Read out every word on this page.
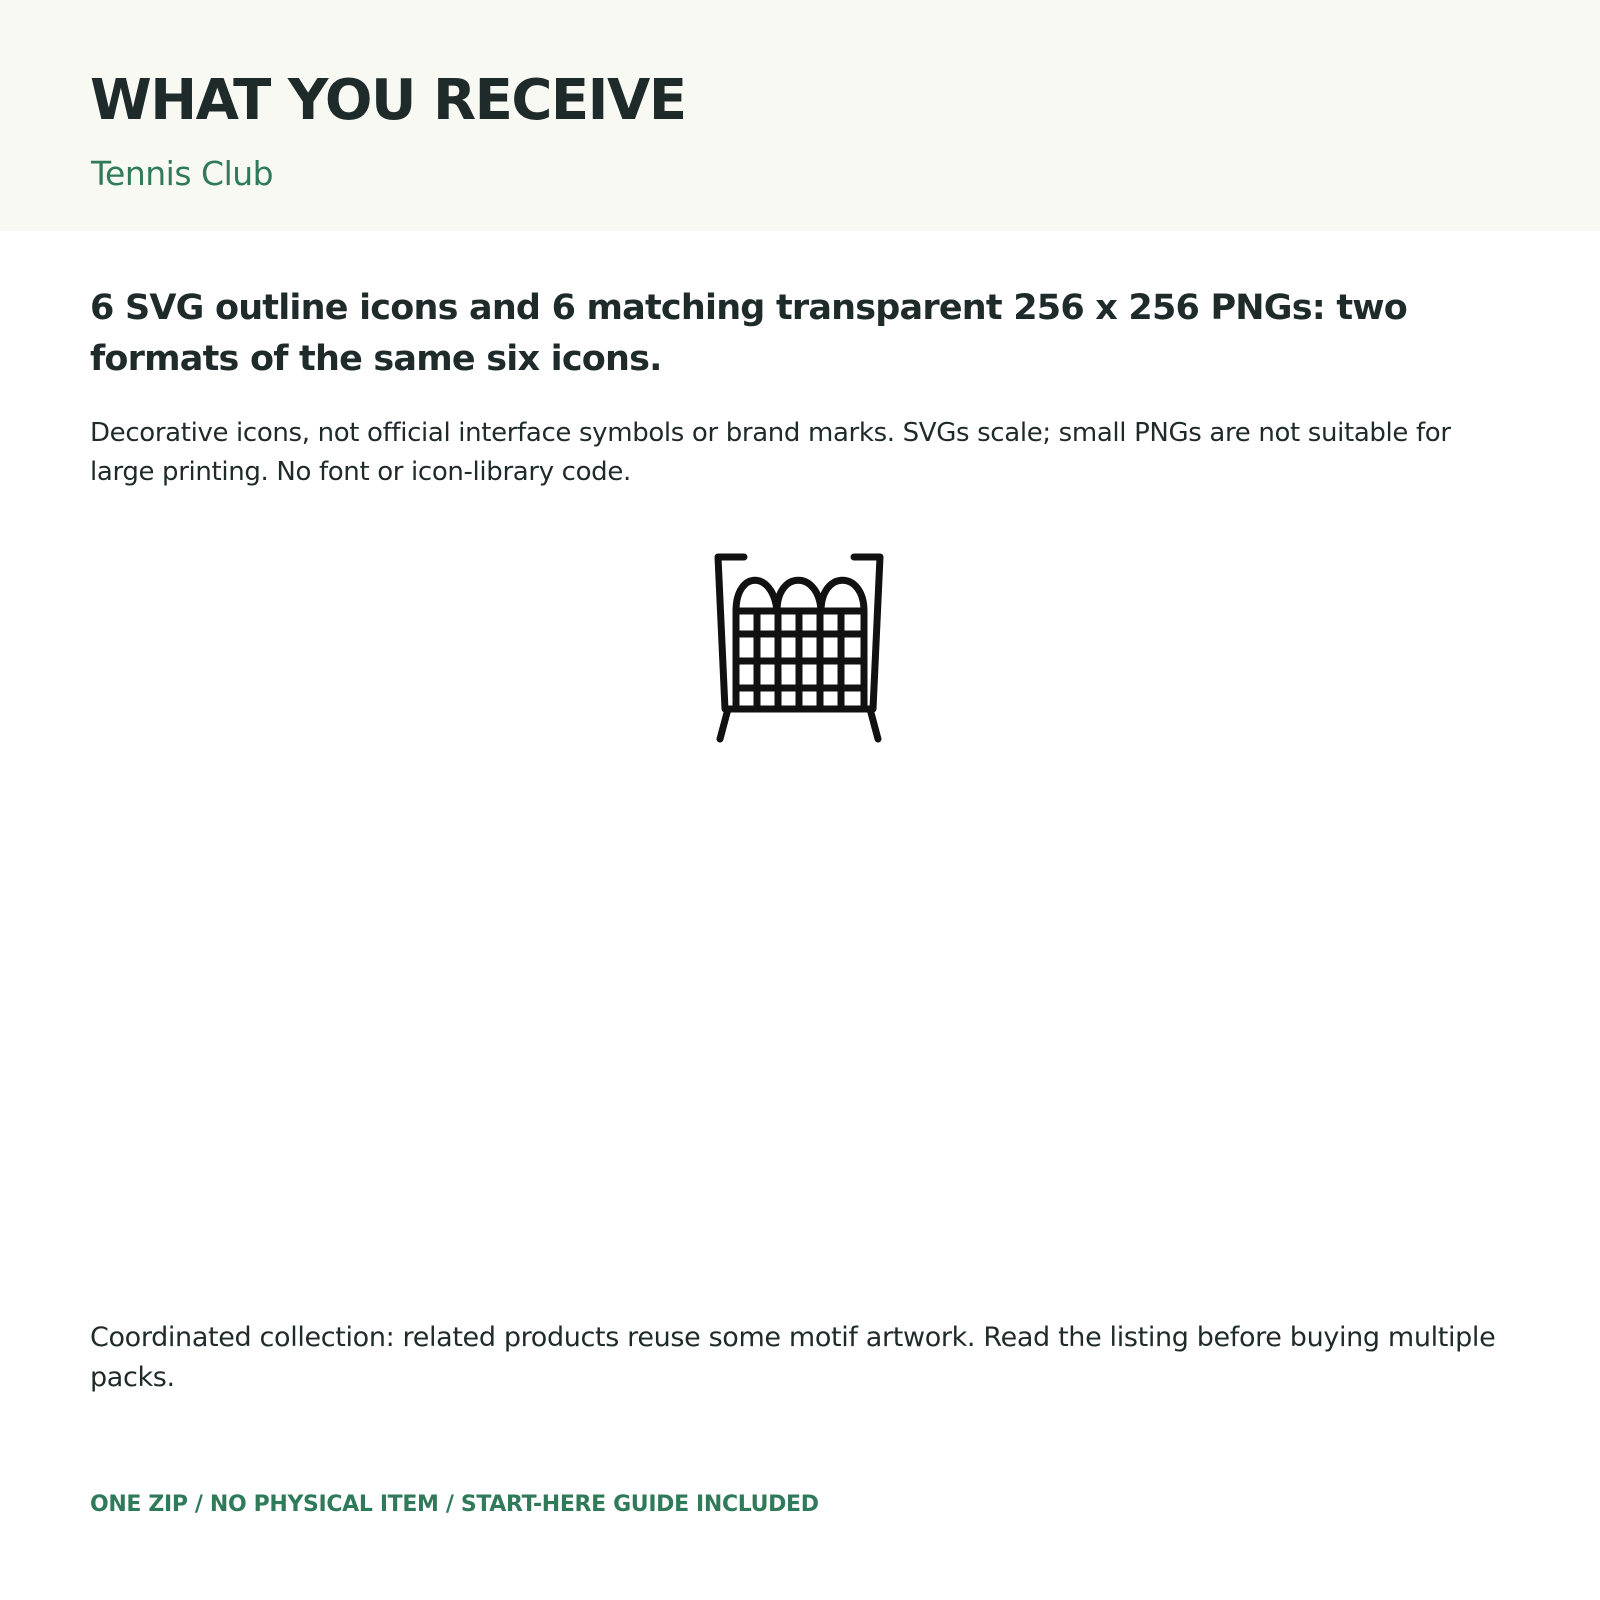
WHAT YOU RECEIVE

Tennis Club

6 SVG outline icons and 6 matching transparent 256 x 256 PNGs: two formats of the same six icons.

Decorative icons, not official interface symbols or brand marks. SVGs scale; small PNGs are not suitable for large printing. No font or icon-library code.

Coordinated collection: related products reuse some motif artwork. Read the listing before buying multiple packs.

ONE ZIP / NO PHYSICAL ITEM / START-HERE GUIDE INCLUDED
